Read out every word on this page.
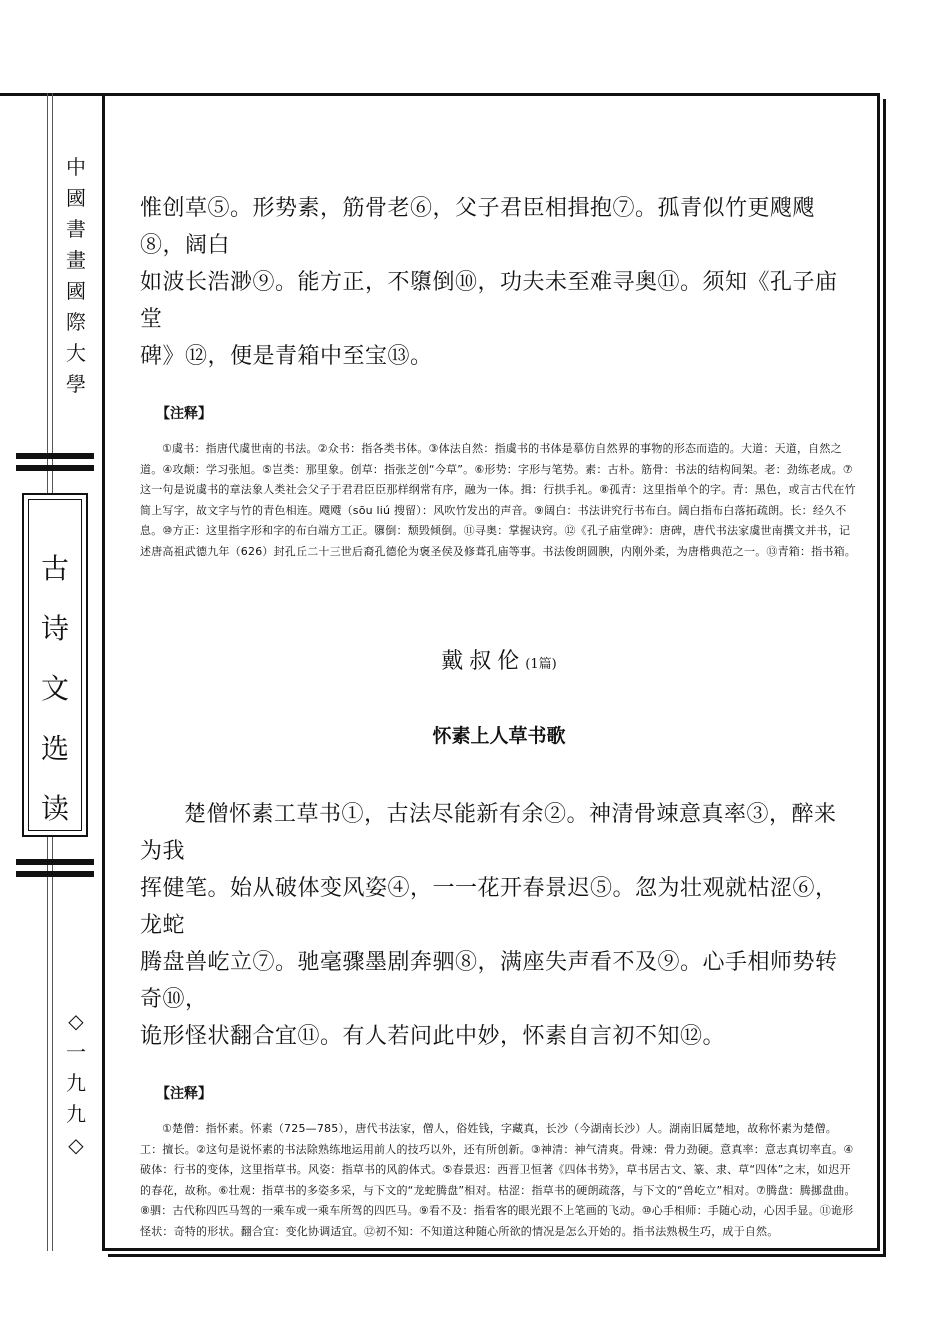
中
國
書
畫
國
際
大
學
古
诗
文
选
读
◇
一
九
九
◇

惟创草⑤。形势素，筋骨老⑥，父子君臣相揖抱⑦。孤青似竹更飕飕⑧，阔白

如波长浩渺⑨。能方正，不隳倒⑩，功夫未至难寻奥⑪。须知《孔子庙堂

碑》⑫，便是青箱中至宝⑬。

【注释】

①虞书：指唐代虞世南的书法。②众书：指各类书体。③体法自然：指虞书的书体是摹仿自然界的事物的形态而造的。大道：天道，自然之道。④攻颠：学习张旭。⑤岂类：那里象。创草：指张芝创“今草”。⑥形势：字形与笔势。素：古朴。筋骨：书法的结构间架。老：劲练老成。⑦这一句是说虞书的章法象人类社会父子于君君臣臣那样纲常有序，融为一体。揖：行拱手礼。⑧孤青：这里指单个的字。青：黑色，或言古代在竹简上写字，故文字与竹的青色相连。飕飕（sōu liú 搜留）：风吹竹发出的声音。⑨阔白：书法讲究行书布白。阔白指布白落拓疏朗。长：经久不息。⑩方正：这里指字形和字的布白端方工正。隳倒：颓毁倾倒。⑪寻奥：掌握诀窍。⑫《孔子庙堂碑》：唐碑，唐代书法家虞世南撰文并书，记述唐高祖武德九年（626）封孔丘二十三世后裔孔德伦为褒圣侯及修葺孔庙等事。书法俊朗圆腴，内刚外柔，为唐楷典范之一。⑬青箱：指书箱。

戴叔伦(1篇)
怀素上人草书歌

楚僧怀素工草书①，古法尽能新有余②。神清骨竦意真率③，醉来为我

挥健笔。始从破体变风姿④，一一花开春景迟⑤。忽为壮观就枯涩⑥，龙蛇

腾盘兽屹立⑦。驰毫骤墨剧奔驷⑧，满座失声看不及⑨。心手相师势转奇⑩，

诡形怪状翻合宜⑪。有人若问此中妙，怀素自言初不知⑫。

【注释】

①楚僧：指怀素。怀素（725—785），唐代书法家，僧人，俗姓钱，字藏真，长沙（今湖南长沙）人。湖南旧属楚地，故称怀素为楚僧。工：擅长。②这句是说怀素的书法除熟练地运用前人的技巧以外，还有所创新。③神清：神气清爽。骨竦：骨力劲硬。意真率：意志真切率直。④破体：行书的变体，这里指草书。风姿：指草书的风韵体式。⑤春景迟：西晋卫恒著《四体书势》，草书居古文、篆、隶、草“四体”之末，如迟开的春花，故称。⑥壮观：指草书的多姿多采，与下文的“龙蛇腾盘”相对。枯涩：指草书的硬朗疏落，与下文的“兽屹立”相对。⑦腾盘：腾挪盘曲。⑧驷：古代称四匹马驾的一乘车或一乘车所驾的四匹马。⑨看不及：指看客的眼光跟不上笔画的飞动。⑩心手相师：手随心动，心因手显。⑪诡形怪状：奇特的形状。翻合宜：变化协调适宜。⑫初不知：不知道这种随心所欲的情况是怎么开始的。指书法熟极生巧，成于自然。
